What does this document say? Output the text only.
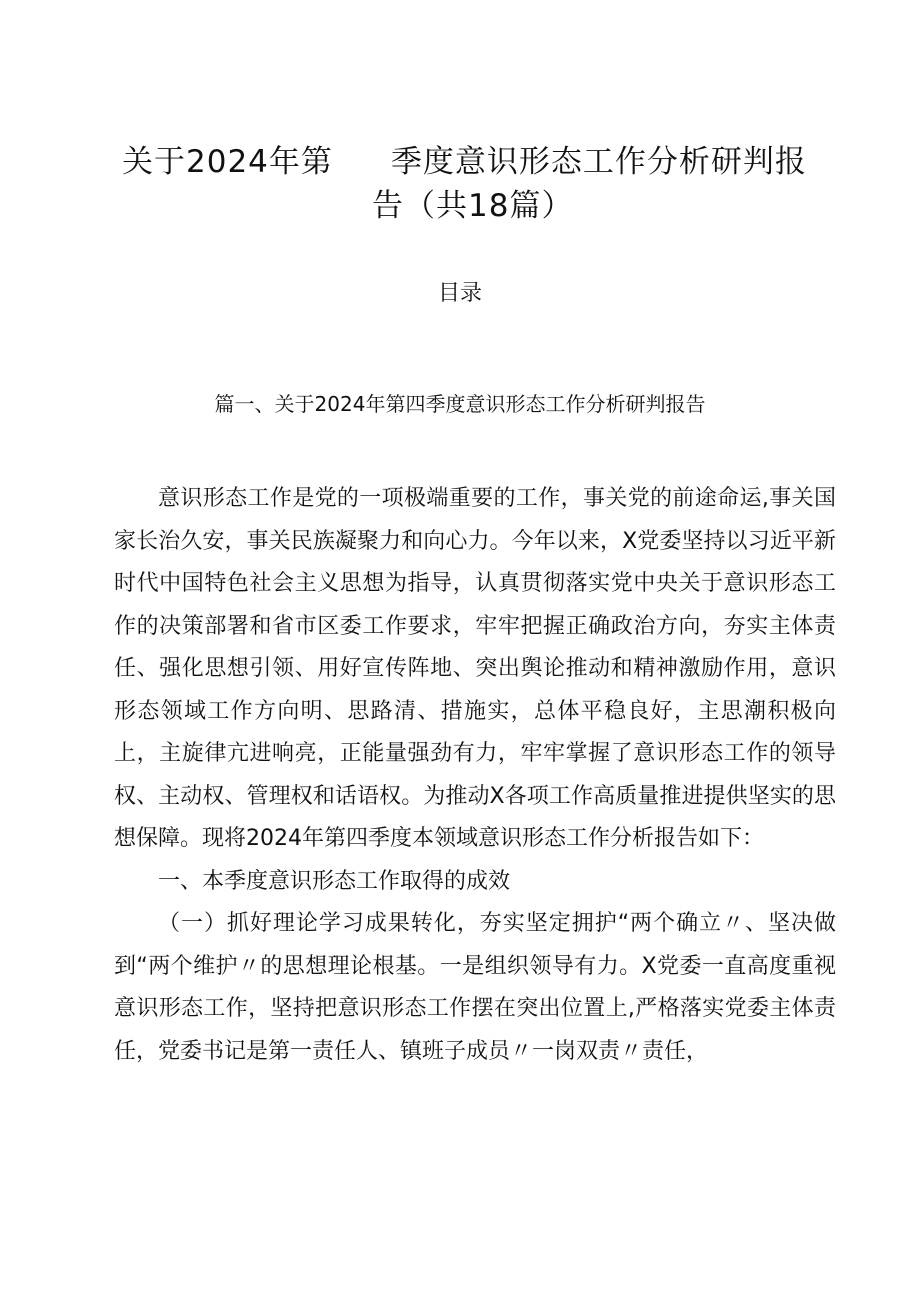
关于2024年第 季度意识形态工作分析研判报
告（共18篇）
目录
篇一、关于2024年第四季度意识形态工作分析研判报告

意识形态工作是党的一项极端重要的工作，事关党的前途命运,事关国家长治久安，事关民族凝聚力和向心力。今年以来，X党委坚持以习近平新时代中国特色社会主义思想为指导，认真贯彻落实党中央关于意识形态工作的决策部署和省市区委工作要求，牢牢把握正确政治方向，夯实主体责任、强化思想引领、用好宣传阵地、突出舆论推动和精神激励作用，意识形态领域工作方向明、思路清、措施实，总体平稳良好，主思潮积极向上，主旋律亢进响亮，正能量强劲有力，牢牢掌握了意识形态工作的领导权、主动权、管理权和话语权。为推动X各项工作高质量推进提供坚实的思想保障。现将2024年第四季度本领域意识形态工作分析报告如下：

一、本季度意识形态工作取得的成效

（一）抓好理论学习成果转化，夯实坚定拥护“两个确立〃、坚决做到“两个维护〃的思想理论根基。一是组织领导有力。X党委一直高度重视意识形态工作，坚持把意识形态工作摆在突出位置上,严格落实党委主体责任，党委书记是第一责任人、镇班子成员〃一岗双责〃责任，
